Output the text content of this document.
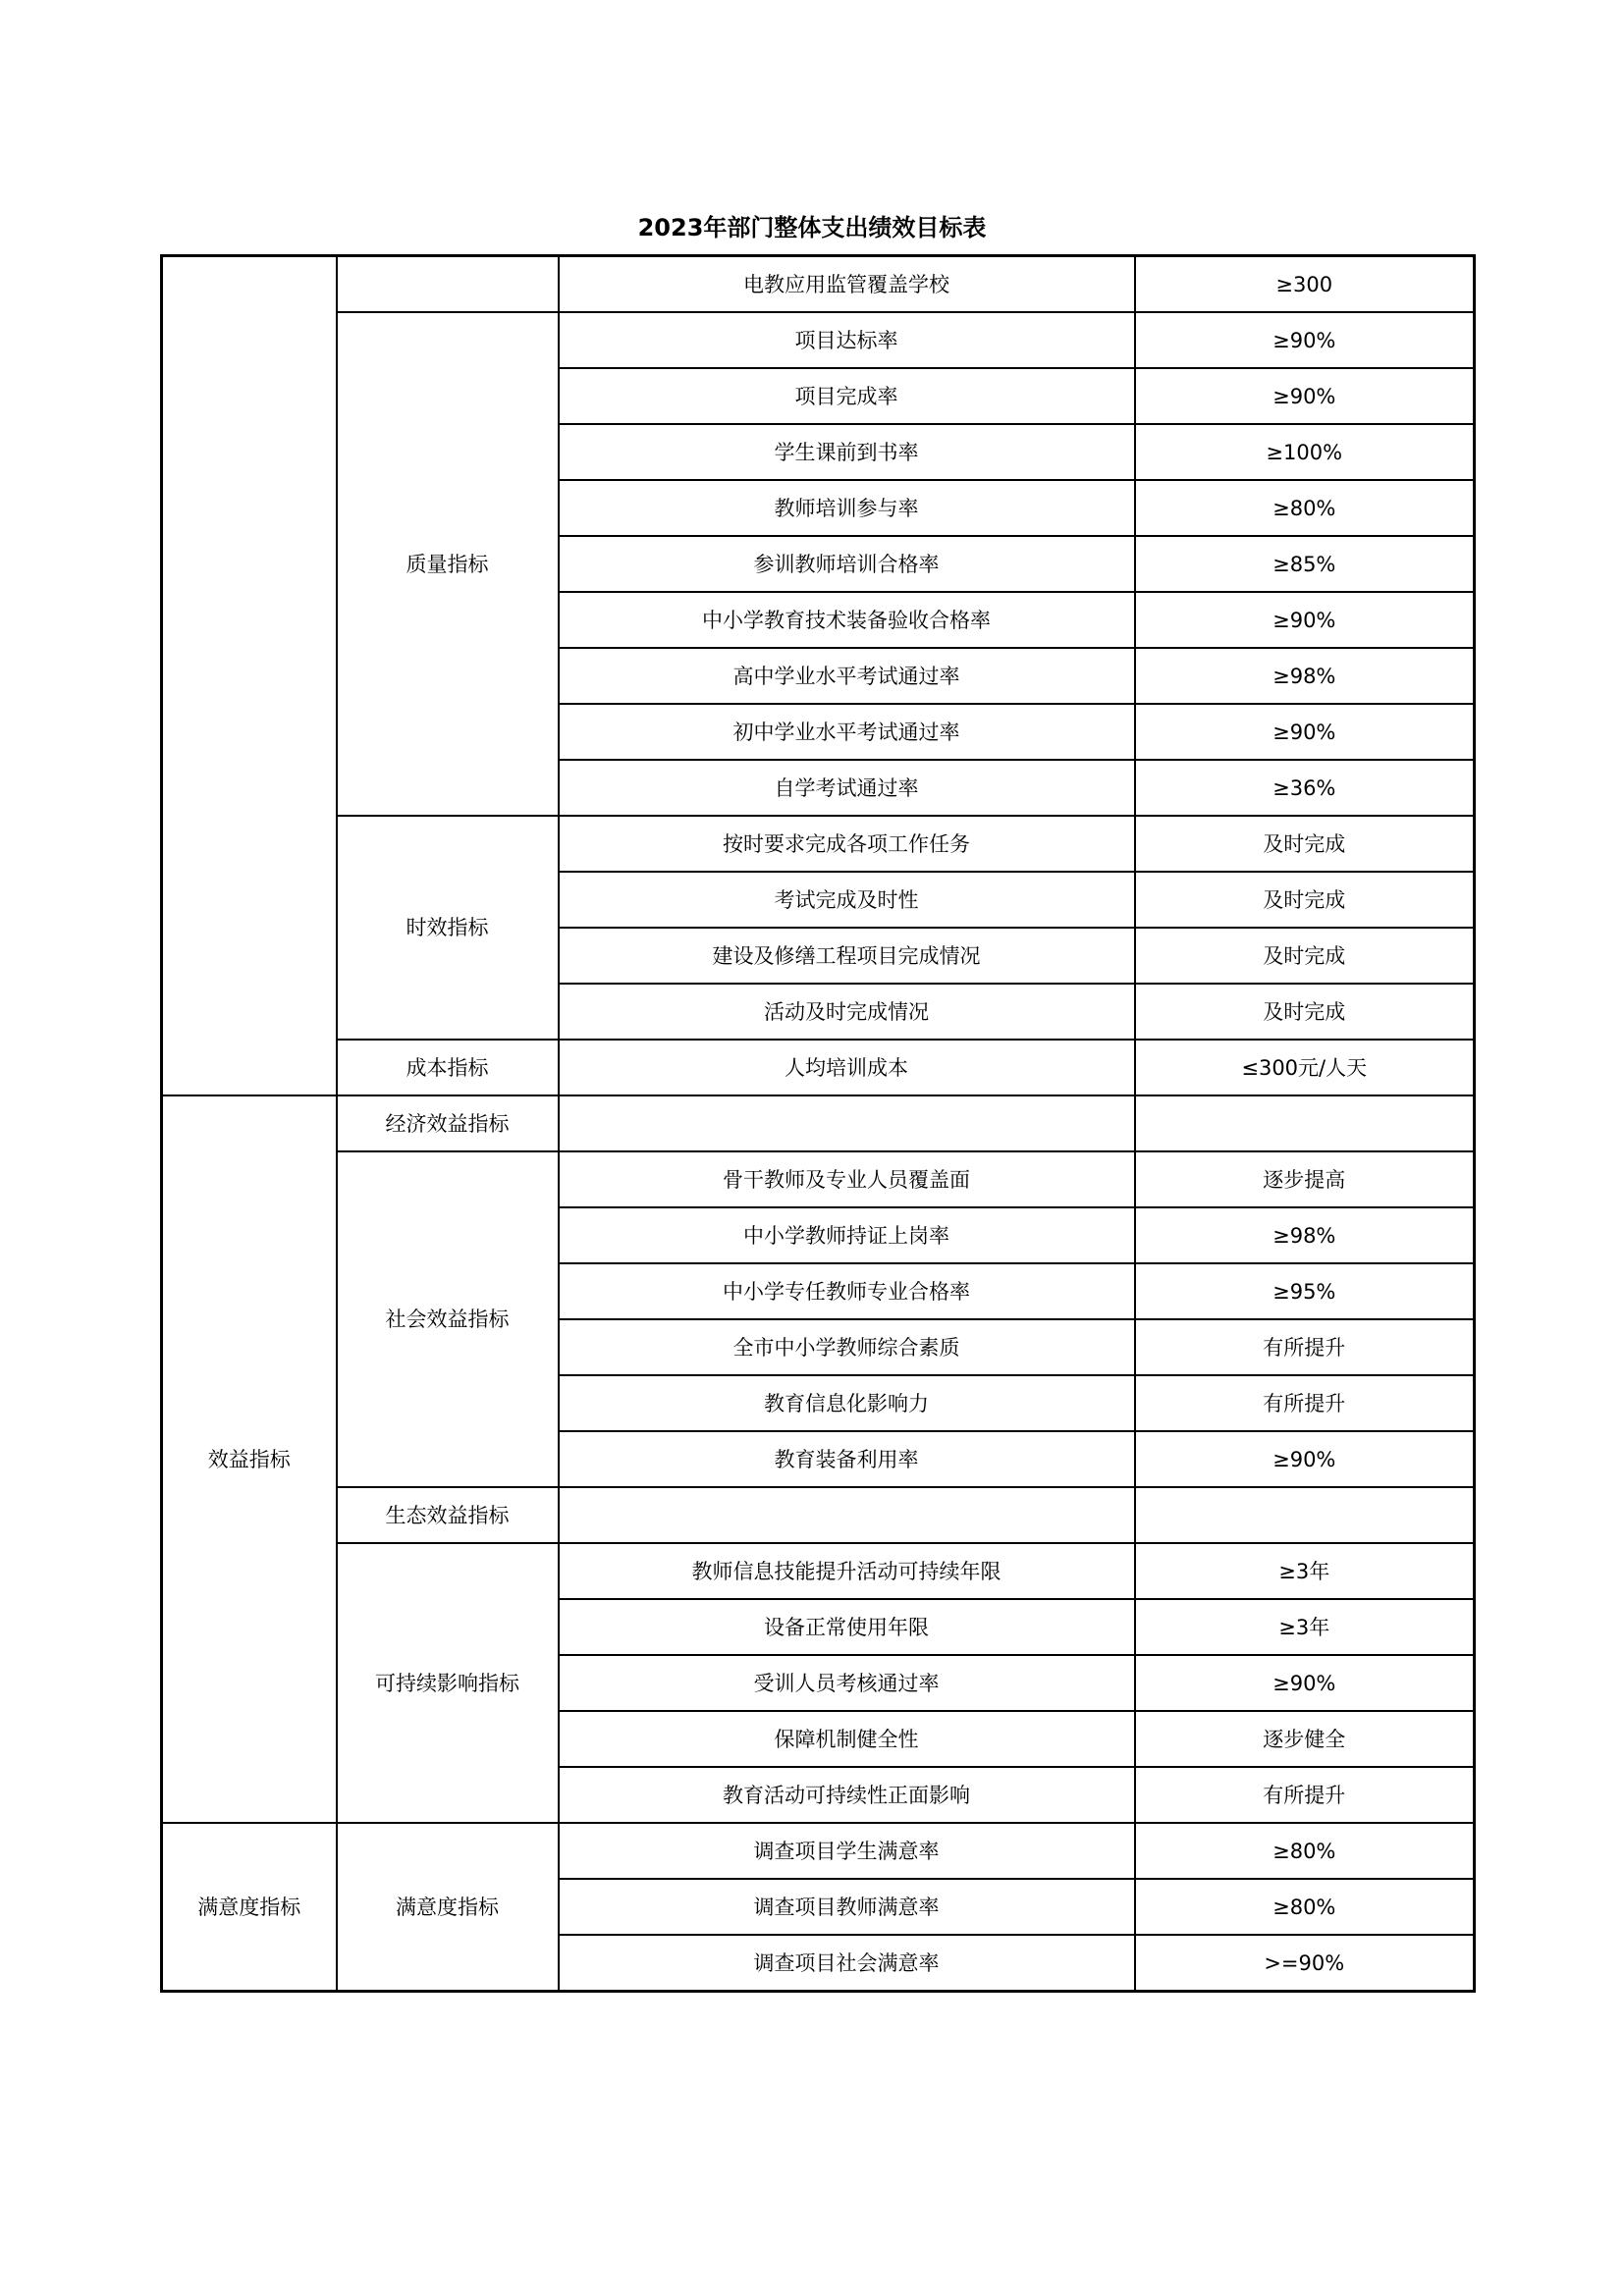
2023年部门整体支出绩效目标表
		电教应用监管覆盖学校	≥300
	质量指标	项目达标率	≥90%
		项目完成率	≥90%
		学生课前到书率	≥100%
		教师培训参与率	≥80%
		参训教师培训合格率	≥85%
		中小学教育技术装备验收合格率	≥90%
		高中学业水平考试通过率	≥98%
		初中学业水平考试通过率	≥90%
		自学考试通过率	≥36%
	时效指标	按时要求完成各项工作任务	及时完成
		考试完成及时性	及时完成
		建设及修缮工程项目完成情况	及时完成
		活动及时完成情况	及时完成
	成本指标	人均培训成本	≤300元/人天
效益指标	经济效益指标		
	社会效益指标	骨干教师及专业人员覆盖面	逐步提高
		中小学教师持证上岗率	≥98%
		中小学专任教师专业合格率	≥95%
		全市中小学教师综合素质	有所提升
		教育信息化影响力	有所提升
		教育装备利用率	≥90%
	生态效益指标		
	可持续影响指标	教师信息技能提升活动可持续年限	≥3年
		设备正常使用年限	≥3年
		受训人员考核通过率	≥90%
		保障机制健全性	逐步健全
		教育活动可持续性正面影响	有所提升
满意度指标	满意度指标	调查项目学生满意率	≥80%
		调查项目教师满意率	≥80%
		调查项目社会满意率	>=90%
